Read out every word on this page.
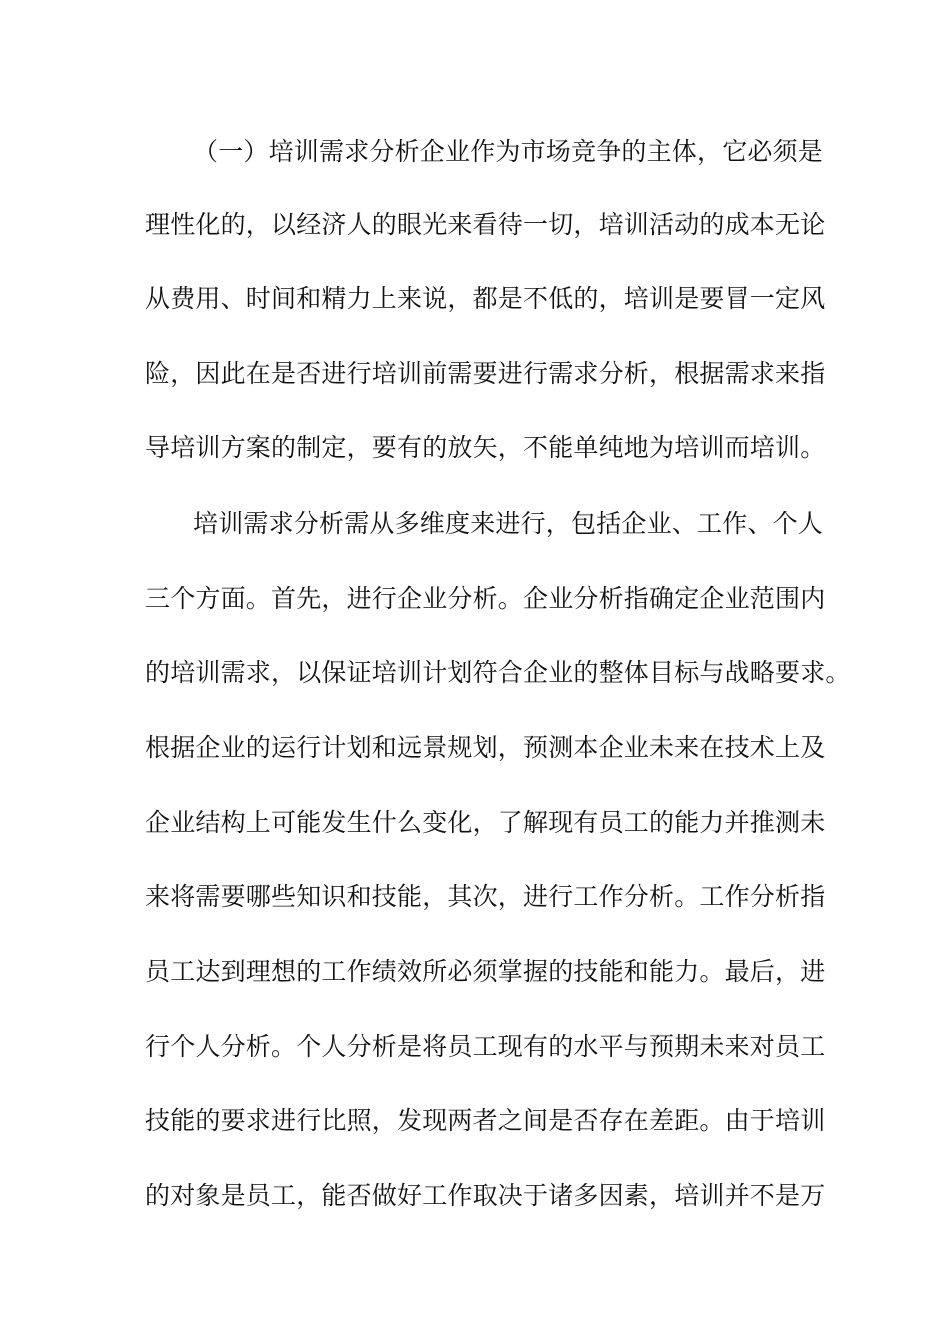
（一）培训需求分析企业作为市场竞争的主体，它必须是
理性化的，以经济人的眼光来看待一切，培训活动的成本无论
从费用、时间和精力上来说，都是不低的，培训是要冒一定风
险，因此在是否进行培训前需要进行需求分析，根据需求来指
导培训方案的制定，要有的放矢，不能单纯地为培训而培训。
培训需求分析需从多维度来进行，包括企业、工作、个人
三个方面。首先，进行企业分析。企业分析指确定企业范围内
的培训需求，以保证培训计划符合企业的整体目标与战略要求。
根据企业的运行计划和远景规划，预测本企业未来在技术上及
企业结构上可能发生什么变化，了解现有员工的能力并推测未
来将需要哪些知识和技能，其次，进行工作分析。工作分析指
员工达到理想的工作绩效所必须掌握的技能和能力。最后，进
行个人分析。个人分析是将员工现有的水平与预期未来对员工
技能的要求进行比照，发现两者之间是否存在差距。由于培训
的对象是员工，能否做好工作取决于诸多因素，培训并不是万
